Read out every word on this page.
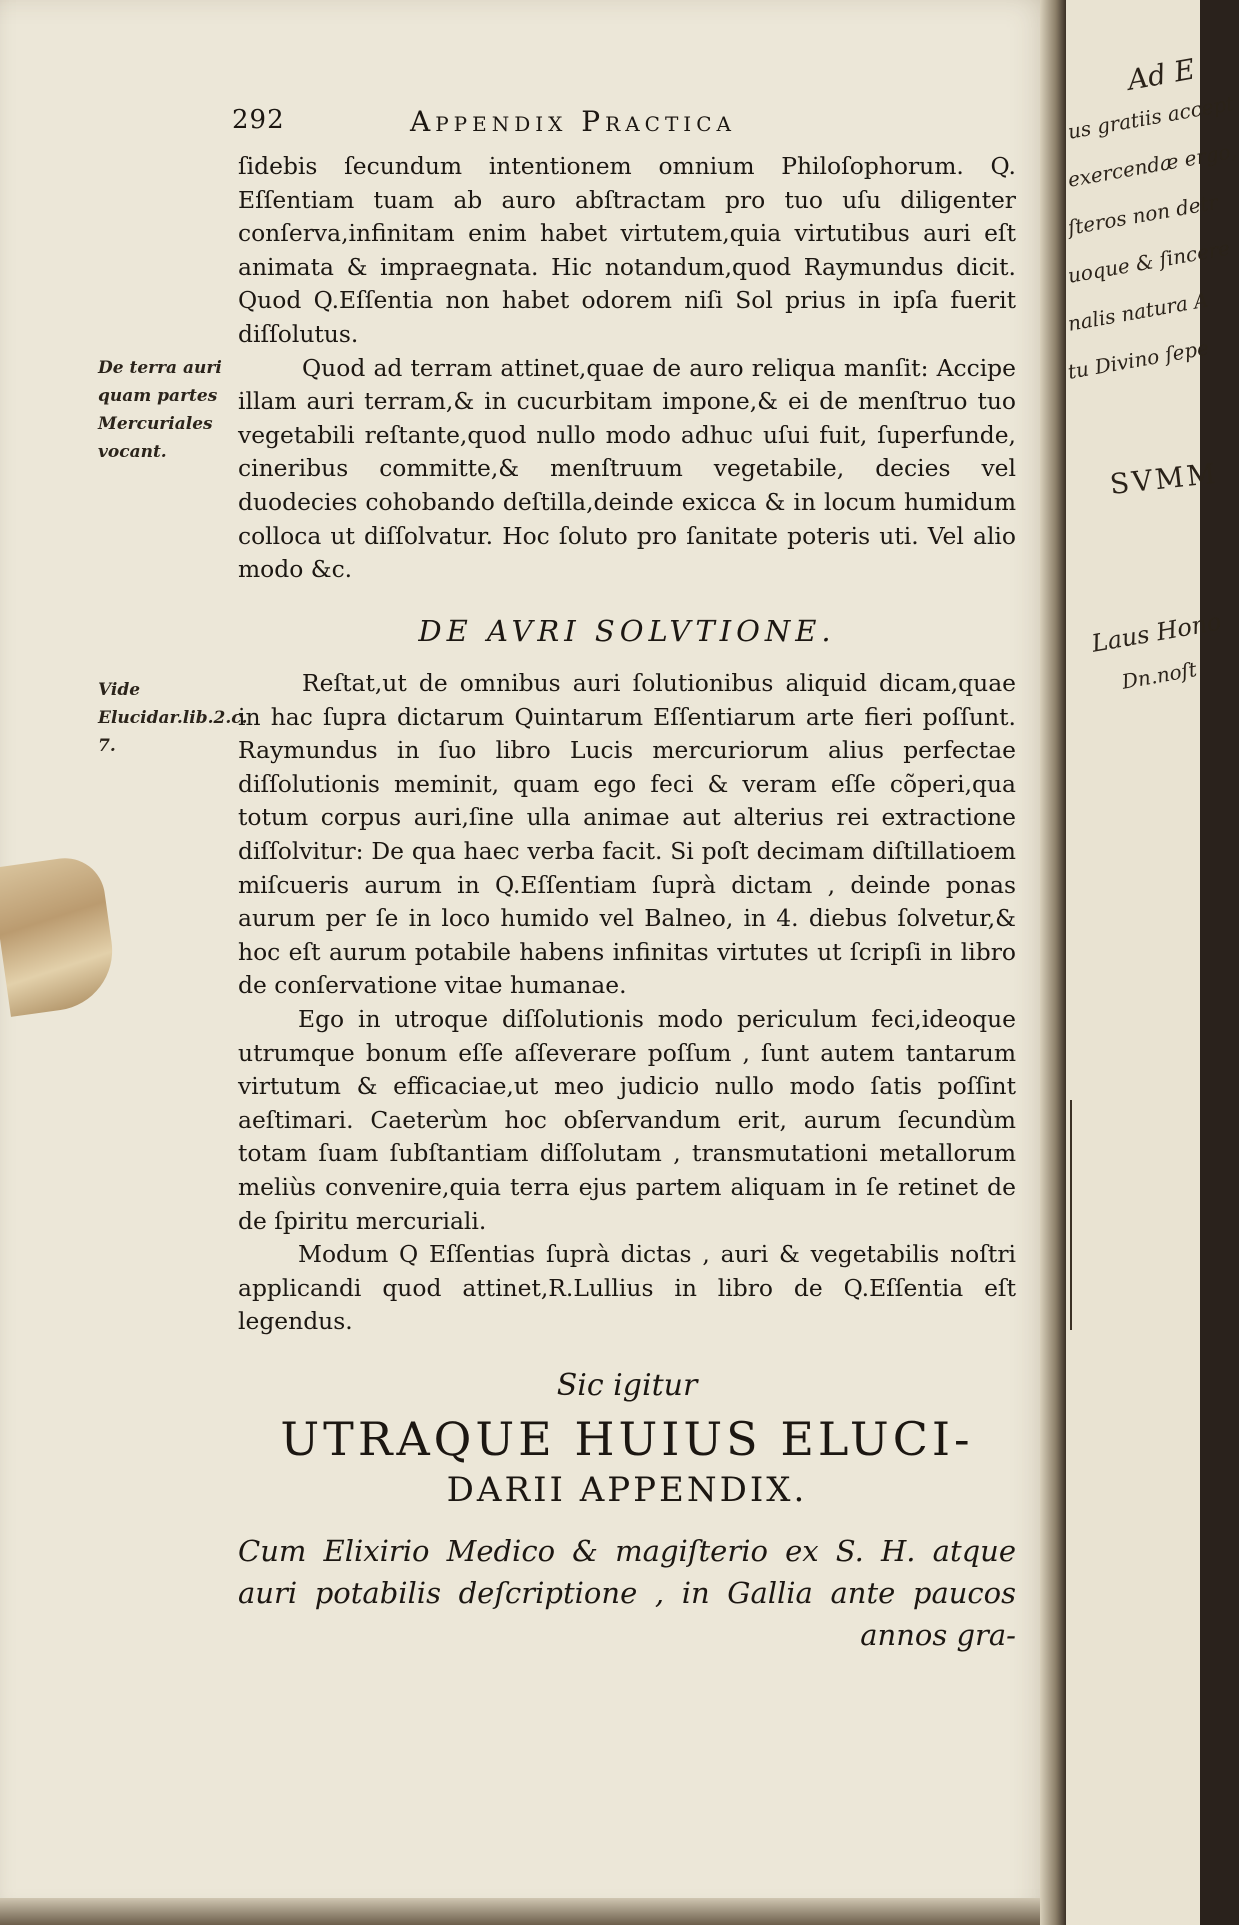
292	Appendix Practica

ſidebis ſecundum intentionem omnium Philoſophorum. Q. Eſſentiam tuam ab auro abſtractam pro tuo uſu diligenter conſerva,infinitam enim habet virtutem,quia virtutibus auri eſt animata & impraegnata. Hic notandum,quod Raymundus dicit. Quod Q.Eſſentia non habet odorem niſi Sol prius in ipſa fuerit diſſolutus.

Quod ad terram attinet,quae de auro reliqua manſit: Accipe illam auri terram,& in cucurbitam impone,& ei de menſtruo tuo vegetabili reſtante,quod nullo modo adhuc uſui fuit, ſuperfunde, cineribus committe,& menſtruum vegetabile, decies vel duodecies cohobando deſtilla,deinde exicca & in locum humidum colloca ut diſſolvatur. Hoc ſoluto pro ſanitate poteris uti. Vel alio modo &c.

De terra auri quam partes Mercuriales vocant.
DE AVRI SOLVTIONE.
Vide Elucidar.lib.2.c. 7.

Reſtat,ut de omnibus auri ſolutionibus aliquid dicam,quae in hac ſupra dictarum Quintarum Eſſentiarum arte fieri poſſunt. Raymundus in ſuo libro Lucis mercuriorum alius perfectae diſſolutionis meminit, quam ego feci & veram eſſe cõperi,qua totum corpus auri,ſine ulla animae aut alterius rei extractione diſſolvitur: De qua haec verba facit. Si poſt decimam diſtillatioem miſcueris aurum in Q.Eſſentiam ſuprà dictam , deinde ponas aurum per ſe in loco humido vel Balneo, in 4. diebus ſolvetur,& hoc eſt aurum potabile habens infinitas virtutes ut ſcripſi in libro de conſervatione vitae humanae.

Ego in utroque diſſolutionis modo periculum feci,ideoque utrumque bonum eſſe aſſeverare poſſum , ſunt autem tantarum virtutum & efficaciae,ut meo judicio nullo modo ſatis poſſint aeſtimari. Caeterùm hoc obſervandum erit, aurum ſecundùm totam ſuam ſubſtantiam diſſolutam , transmutationi metallorum meliùs convenire,quia terra ejus partem aliquam in ſe retinet de de ſpiritu mercuriali.

Modum Q Eſſentias ſuprà dictas , auri & vegetabilis noſtri applicandi quod attinet,R.Lullius in libro de Q.Eſſentia eſt legendus.

Sic igitur
UTRAQUE HUIUS ELUCI-
DARII APPENDIX.
Cum Elixirio Medico & magiſterio ex S. H. atque auri potabilis deſcriptione , in Gallia ante paucos annos gra-
Ad E
us gratiis accept
exercendæ ergo,
ſteros non detr
uoque & ſincere
nalis natura A
tu Divino ſepe
SVMM
Laus Hono
Dn.noſt
